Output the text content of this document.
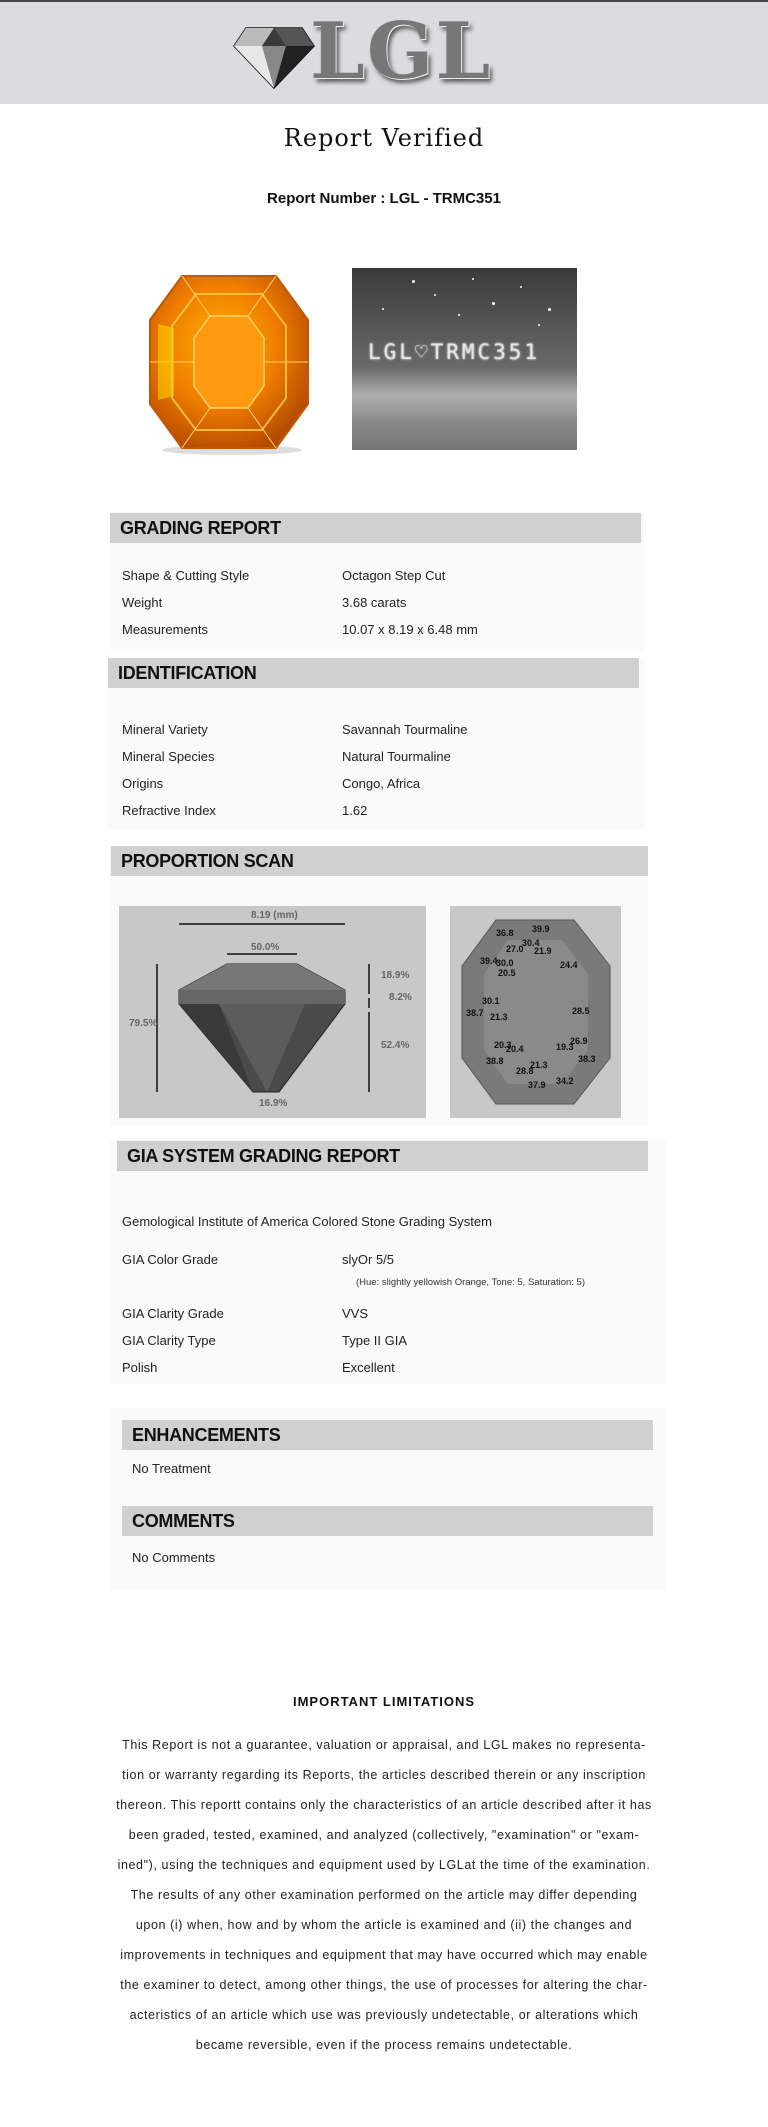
LGL
Report Verified
Report Number : LGL - TRMC351
LGL♡TRMC351
GRADING REPORT
Shape & Cutting Style	Octagon Step Cut
Weight	3.68 carats
Measurements	10.07 x 8.19 x 6.48 mm
IDENTIFICATION
Mineral Variety	Savannah Tourmaline
Mineral Species	Natural Tourmaline
Origins	Congo, Africa
Refractive Index	1.62
PROPORTION SCAN
8.19 (mm)
50.0%
79.5%
18.9%
8.2%
52.4%
16.9%
36.8 39.9
27.0
30.4
21.9
39.4
30.0	24.4
20.5
30.1
38.7 21.3
28.5
26.9
20.3
20.4	19.3
38.8	21.3
38.3
28.8
37.9 34.2
GIA SYSTEM GRADING REPORT
Gemological Institute of America Colored Stone Grading System
GIA Color Grade	slyOr 5/5
(Hue: slightly yellowish Orange, Tone: 5, Saturation: 5)
GIA Clarity Grade	VVS
GIA Clarity Type	Type II GIA
Polish	Excellent
ENHANCEMENTS
No Treatment
COMMENTS
No Comments
IMPORTANT LIMITATIONS
This Report is not a guarantee, valuation or appraisal, and LGL makes no representa-
tion or warranty regarding its Reports, the articles described therein or any inscription
thereon. This reportt contains only the characteristics of an article described after it has
been graded, tested, examined, and analyzed (collectively, "examination" or "exam-
ined"), using the techniques and equipment used by LGLat the time of the examination.
The results of any other examination performed on the article may differ depending
upon (i) when, how and by whom the article is examined and (ii) the changes and
improvements in techniques and equipment that may have occurred which may enable
the examiner to detect, among other things, the use of processes for altering the char-
acteristics of an article which use was previously undetectable, or alterations which
became reversible, even if the process remains undetectable.
